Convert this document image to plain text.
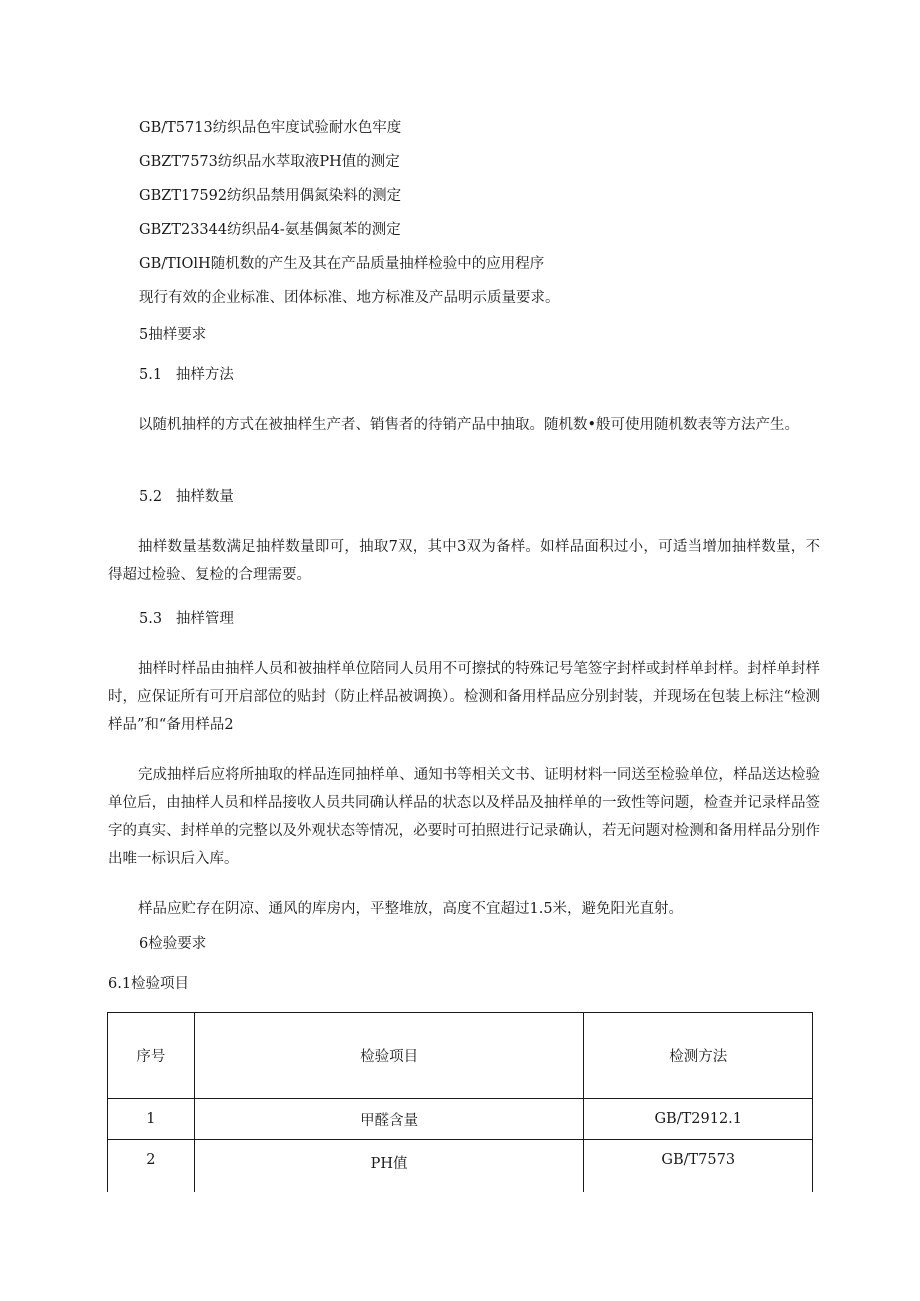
GB/T5713纺织品色牢度试验耐水色牢度
GBZT7573纺织品水萃取液PH值的测定
GBZT17592纺织品禁用偶氮染料的测定
GBZT23344纺织品4-氨基偶氮苯的测定
GB/TIOlH随机数的产生及其在产品质量抽样检验中的应用程序
现行有效的企业标准、团体标准、地方标准及产品明示质量要求。
5抽样要求
5.1   抽样方法
以随机抽样的方式在被抽样生产者、销售者的待销产品中抽取。随机数•般可使用随机数表等方法产生。
5.2   抽样数量
抽样数量基数满足抽样数量即可，抽取7双，其中3双为备样。如样品面积过小，可适当增加抽样数量，不得超过检验、复检的合理需要。
5.3   抽样管理
抽样时样品由抽样人员和被抽样单位陪同人员用不可擦拭的特殊记号笔签字封样或封样单封样。封样单封样时，应保证所有可开启部位的贴封（防止样品被调换）。检测和备用样品应分别封装，并现场在包装上标注“检测样品”和“备用样品2
完成抽样后应将所抽取的样品连同抽样单、通知书等相关文书、证明材料一同送至检验单位，样品送达检验单位后，由抽样人员和样品接收人员共同确认样品的状态以及样品及抽样单的一致性等问题，检查并记录样品签字的真实、封样单的完整以及外观状态等情况，必要时可拍照进行记录确认，若无问题对检测和备用样品分别作出唯一标识后入库。
样品应贮存在阴凉、通风的库房内，平整堆放，高度不宜超过1.5米，避免阳光直射。
6检验要求
6.1检验项目
序号	检验项目	检测方法
1	甲醛含量	GB/T2912.1
2	PH值	GB/T7573
